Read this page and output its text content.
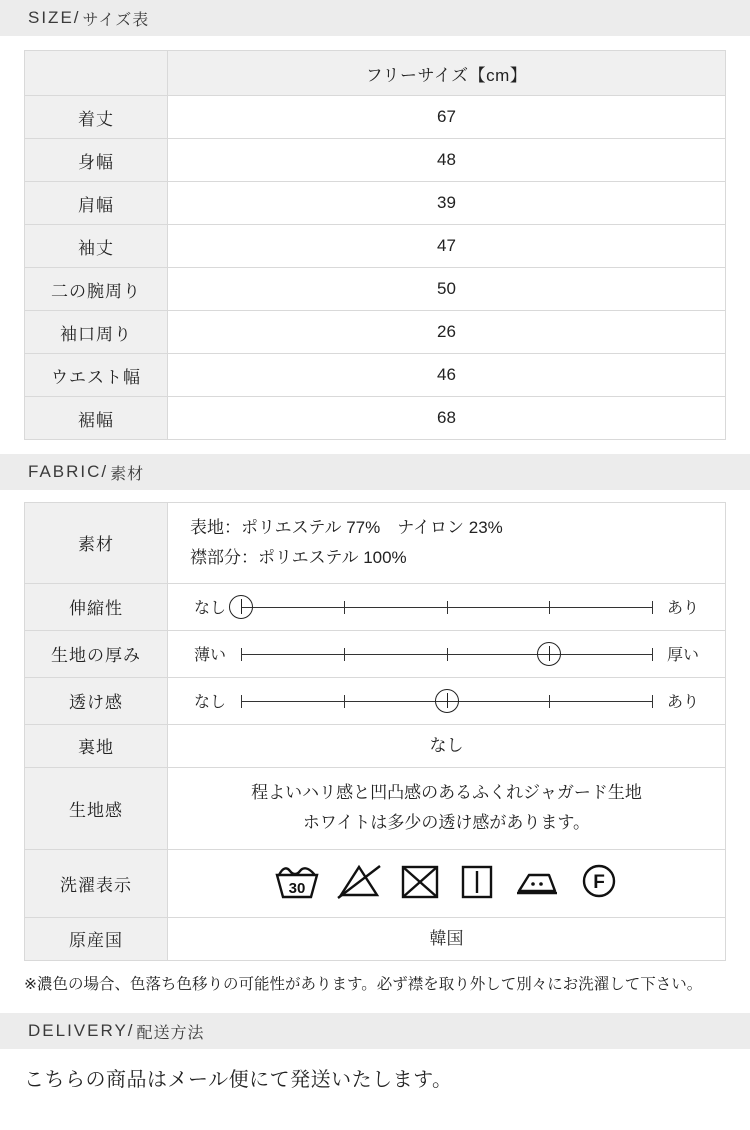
SIZE/ サイズ表
	フリーサイズ【cm】
着丈	67
身幅	48
肩幅	39
袖丈	47
二の腕周り	50
袖口周り	26
ウエスト幅	46
裾幅	68
FABRIC/ 素材
素材	表地：ポリエステル 77%　ナイロン 23%
襟部分：ポリエステル 100%

伸縮性	なし あり

生地の厚み	薄い 厚い

透け感	なし あり

裏地	なし
生地感	程よいハリ感と凹凸感のあるふくれジャガード生地
ホワイトは多少の透け感があります。

洗濯表示	30 F

原産国	韓国
※濃色の場合、色落ち色移りの可能性があります。必ず襟を取り外して別々にお洗濯して下さい。
DELIVERY/ 配送方法
こちらの商品はメール便にて発送いたします。
